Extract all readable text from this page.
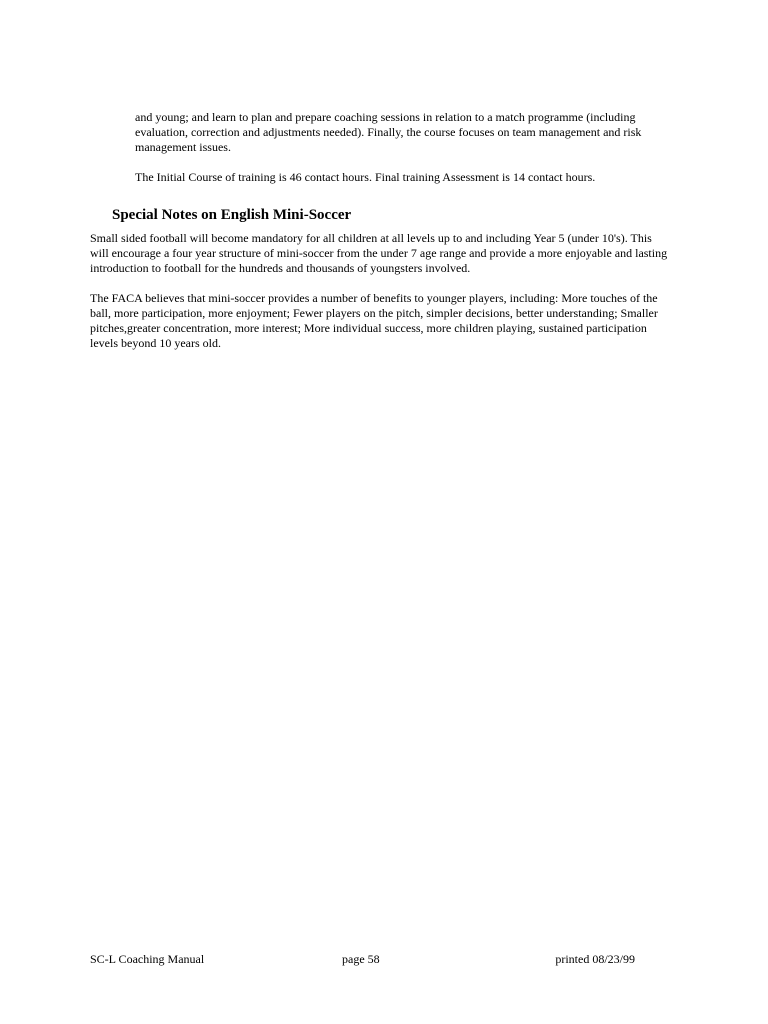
and young; and learn to plan and prepare coaching sessions in relation to a match programme (including evaluation, correction and adjustments needed). Finally, the course focuses on team management and risk management issues.

The Initial Course of training is 46 contact hours. Final training Assessment is 14 contact hours.

Special Notes on English Mini-Soccer

Small sided football will become mandatory for all children at all levels up to and including Year 5 (under 10's). This will encourage a four year structure of mini-soccer from the under 7 age range and provide a more enjoyable and lasting introduction to football for the hundreds and thousands of youngsters involved.

The FACA believes that mini-soccer provides a number of benefits to younger players, including: More touches of the ball, more participation, more enjoyment; Fewer players on the pitch, simpler decisions, better understanding; Smaller pitches,greater concentration, more interest; More individual success, more children playing, sustained participation levels beyond 10 years old.

SC-L Coaching Manual	page 58	printed 08/23/99
